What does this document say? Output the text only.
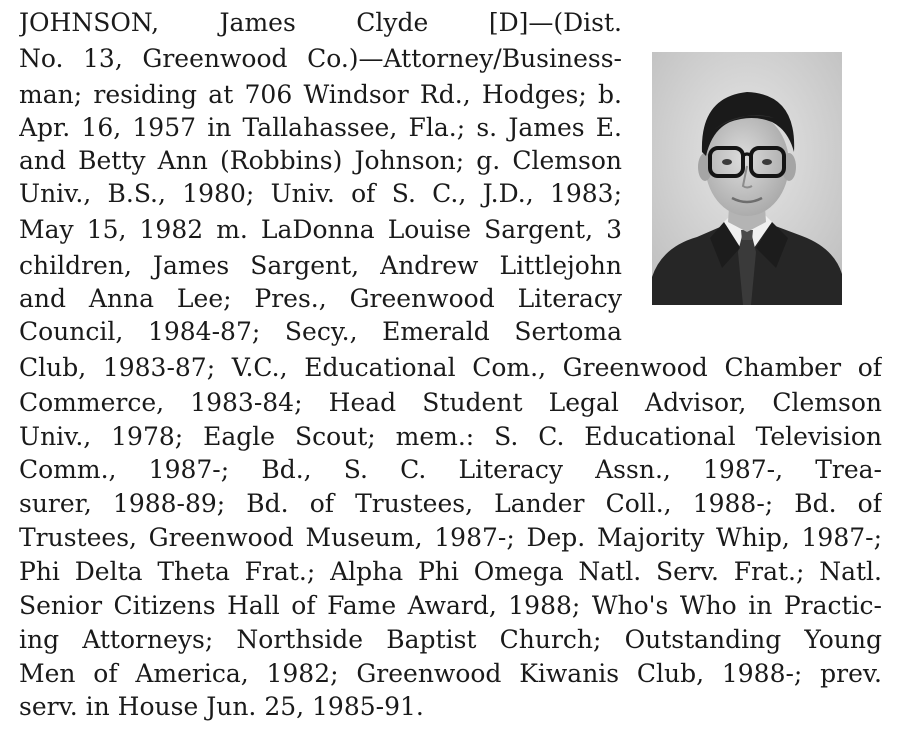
JOHNSON, James Clyde [D]—(Dist.
No. 13, Greenwood Co.)—Attorney/Business-
man; residing at 706 Windsor Rd., Hodges; b.
Apr. 16, 1957 in Tallahassee, Fla.; s. James E.
and Betty Ann (Robbins) Johnson; g. Clemson
Univ., B.S., 1980; Univ. of S. C., J.D., 1983;
May 15, 1982 m. LaDonna Louise Sargent, 3
children, James Sargent, Andrew Littlejohn
and Anna Lee; Pres., Greenwood Literacy
Council, 1984-87; Secy., Emerald Sertoma
Club, 1983-87; V.C., Educational Com., Greenwood Chamber of
Commerce, 1983-84; Head Student Legal Advisor, Clemson
Univ., 1978; Eagle Scout; mem.: S. C. Educational Television
Comm., 1987-; Bd., S. C. Literacy Assn., 1987-, Trea-
surer, 1988-89; Bd. of Trustees, Lander Coll., 1988-; Bd. of
Trustees, Greenwood Museum, 1987-; Dep. Majority Whip, 1987-;
Phi Delta Theta Frat.; Alpha Phi Omega Natl. Serv. Frat.; Natl.
Senior Citizens Hall of Fame Award, 1988; Who's Who in Practic-
ing Attorneys; Northside Baptist Church; Outstanding Young
Men of America, 1982; Greenwood Kiwanis Club, 1988-; prev.
serv. in House Jun. 25, 1985-91.
